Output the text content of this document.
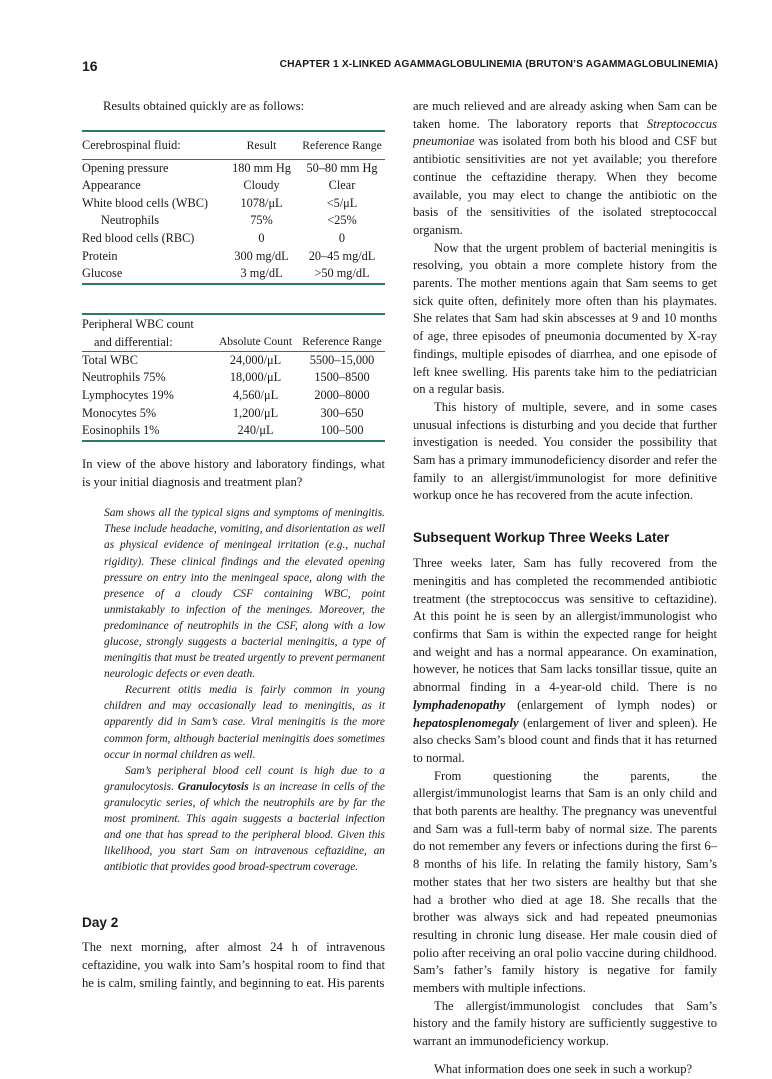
16	CHAPTER 1 X-LINKED AGAMMAGLOBULINEMIA (BRUTON’S AGAMMAGLOBULINEMIA)

Results obtained quickly are as follows:

Cerebrospinal fluid:	Result	Reference Range
Opening pressure	180 mm Hg	50–80 mm Hg
Appearance	Cloudy	Clear
White blood cells (WBC)	1078/μL	<5/μL
Neutrophils	75%	<25%
Red blood cells (RBC)	0	0
Protein	300 mg/dL	20–45 mg/dL
Glucose	3 mg/dL	>50 mg/dL
Peripheral WBC count
and differential:	Absolute Count	Reference Range
Total WBC	24,000/μL	5500–15,000
Neutrophils 75%	18,000/μL	1500–8500
Lymphocytes 19%	4,560/μL	2000–8000
Monocytes 5%	1,200/μL	300–650
Eosinophils 1%	240/μL	100–500

In view of the above history and laboratory findings, what is your initial diagnosis and treatment plan?

Sam shows all the typical signs and symptoms of meningitis. These include headache, vomiting, and disorientation as well as physical evidence of meningeal irritation (e.g., nuchal rigidity). These clinical findings and the elevated opening pressure on entry into the meningeal space, along with the presence of a cloudy CSF containing WBC, point unmistakably to infection of the meninges. Moreover, the predominance of neutrophils in the CSF, along with a low glucose, strongly suggests a bacterial meningitis, a type of meningitis that must be treated urgently to prevent permanent neurologic defects or even death.

Recurrent otitis media is fairly common in young children and may occasionally lead to meningitis, as it apparently did in Sam’s case. Viral meningitis is the more common form, although bacterial meningitis does sometimes occur in normal children as well.

Sam’s peripheral blood cell count is high due to a granulocytosis. Granulocytosis is an increase in cells of the granulocytic series, of which the neutrophils are by far the most prominent. This again suggests a bacterial infection and one that has spread to the peripheral blood. Given this likelihood, you start Sam on intravenous ceftazidine, an antibiotic that provides good broad-spectrum coverage.

Day 2

The next morning, after almost 24 h of intravenous ceftazidine, you walk into Sam’s hospital room to find that he is calm, smiling faintly, and beginning to eat. His parents

are much relieved and are already asking when Sam can be taken home. The laboratory reports that Streptococcus pneumoniae was isolated from both his blood and CSF but antibiotic sensitivities are not yet available; you therefore continue the ceftazidine therapy. When they become available, you may elect to change the antibiotic on the basis of the sensitivities of the isolated streptococcal organism.

Now that the urgent problem of bacterial meningitis is resolving, you obtain a more complete history from the parents. The mother mentions again that Sam seems to get sick quite often, definitely more often than his playmates. She relates that Sam had skin abscesses at 9 and 10 months of age, three episodes of pneumonia documented by X-ray findings, multiple episodes of diarrhea, and one episode of left knee swelling. His parents take him to the pediatrician on a regular basis.

This history of multiple, severe, and in some cases unusual infections is disturbing and you decide that further investigation is needed. You consider the possibility that Sam has a primary immunodeficiency disorder and refer the family to an allergist/immunologist for more definitive workup once he has recovered from the acute infection.

Subsequent Workup Three Weeks Later

Three weeks later, Sam has fully recovered from the meningitis and has completed the recommended antibiotic treatment (the streptococcus was sensitive to ceftazidine). At this point he is seen by an allergist/immunologist who confirms that Sam is within the expected range for height and weight and has a normal appearance. On examination, however, he notices that Sam lacks tonsillar tissue, quite an abnormal finding in a 4-year-old child. There is no lymphadenopathy (enlargement of lymph nodes) or hepatosplenomegaly (enlargement of liver and spleen). He also checks Sam’s blood count and finds that it has returned to normal.

From questioning the parents, the allergist/immunologist learns that Sam is an only child and that both parents are healthy. The pregnancy was uneventful and Sam was a full-term baby of normal size. The parents do not remember any fevers or infections during the first 6–8 months of his life. In relating the family history, Sam’s mother states that her two sisters are healthy but that she had a brother who died at age 18. She recalls that the brother was always sick and had repeated pneumonias resulting in chronic lung disease. Her male cousin died of polio after receiving an oral polio vaccine during childhood. Sam’s father’s family history is negative for family members with multiple infections.

The allergist/immunologist concludes that Sam’s history and the family history are sufficiently suggestive to warrant an immunodeficiency workup.

What information does one seek in such a workup?
